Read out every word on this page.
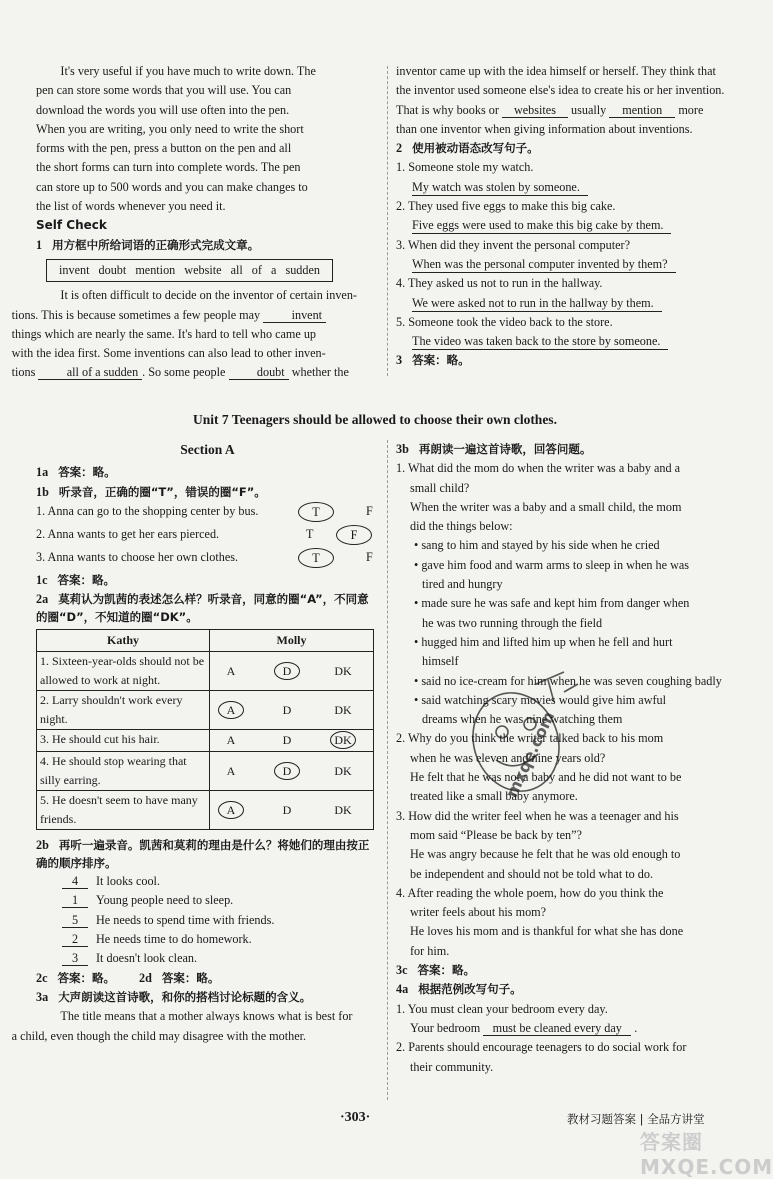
It's very useful if you have much to write down. The
pen can store some words that you will use. You can
download the words you will use often into the pen.
When you are writing, you only need to write the short
forms with the pen, press a button on the pen and all
the short forms can turn into complete words. The pen
can store up to 500 words and you can make changes to
the list of words whenever you need it.
Self Check
1 用方框中所给词语的正确形式完成文章。
invent doubt mention website all of a sudden
It is often difficult to decide on the inventor of certain inven-
tions. This is because sometimes a few people may	invent
things which are nearly the same. It's hard to tell who came up
with the idea first. Some inventions can also lead to other inven-
tions	all of a sudden . So some people	doubt whether the
inventor came up with the idea himself or herself. They think that
the inventor used someone else's idea to create his or her invention.
That is why books or websites usually mention more
than one inventor when giving information about inventions.
2 使用被动语态改写句子。
1. Someone stole my watch.
My watch was stolen by someone.
2. They used five eggs to make this big cake.
Five eggs were used to make this big cake by them.
3. When did they invent the personal computer?
When was the personal computer invented by them?
4. They asked us not to run in the hallway.
We were asked not to run in the hallway by them.
5. Someone took the video back to the store.
The video was taken back to the store by someone.
3 答案：略。
Unit 7 Teenagers should be allowed to choose their own clothes.
Section A
1a 答案：略。
1b 听录音，正确的圈“T”，错误的圈“F”。
1. Anna can go to the shopping center by bus.	T	F
2. Anna wants to get her ears pierced.	T	F
3. Anna wants to choose her own clothes.	T	F
1c 答案：略。
2a 莫莉认为凯茜的表述怎么样？听录音，同意的圈“A”，不同意的圈“D”，不知道的圈“DK”。
Kathy	Molly
1. Sixteen-year-olds should not be allowed to work at night.	A D DK
2. Larry shouldn't work every night.	A D DK
3. He should cut his hair.	A D DK
4. He should stop wearing that silly earring.	A D DK
5. He doesn't seem to have many friends.	A D DK
2b 再听一遍录音。凯茜和莫莉的理由是什么？将她们的理由按正确的顺序排序。
4 It looks cool.
1 Young people need to sleep.
5 He needs to spend time with friends.
2 He needs time to do homework.
3 It doesn't look clean.
2c 答案：略。 2d 答案：略。
3a 大声朗读这首诗歌，和你的搭档讨论标题的含义。
The title means that a mother always knows what is best for
a child, even though the child may disagree with the mother.
3b 再朗读一遍这首诗歌，回答问题。
1. What did the mom do when the writer was a baby and a
small child?
When the writer was a baby and a small child, the mom
did the things below:
• sang to him and stayed by his side when he cried
• gave him food and warm arms to sleep in when he was
tired and hungry
• made sure he was safe and kept him from danger when
he was two running through the field
• hugged him and lifted him up when he fell and hurt
himself
• said no ice-cream for him when he was seven coughing badly
• said watching scary movies would give him awful
dreams when he was nine watching them
2. Why do you think the writer talked back to his mom
when he was eleven and nine years old?
He felt that he was not a baby and he did not want to be
treated like a small baby anymore.
3. How did the writer feel when he was a teenager and his
mom said “Please be back by ten”?
He was angry because he felt that he was old enough to
be independent and should not be told what to do.
4. After reading the whole poem, how do you think the
writer feels about his mom?
He loves his mom and is thankful for what she has done
for him.
3c 答案：略。
4a 根据范例改写句子。
1. You must clean your bedroom every day.
Your bedroom must be cleaned every day .
2. Parents should encourage teenagers to do social work for
their community.
mxqe.com
·303·	教材习题答案 | 全品方讲堂
答案圈 MXQE.COM
